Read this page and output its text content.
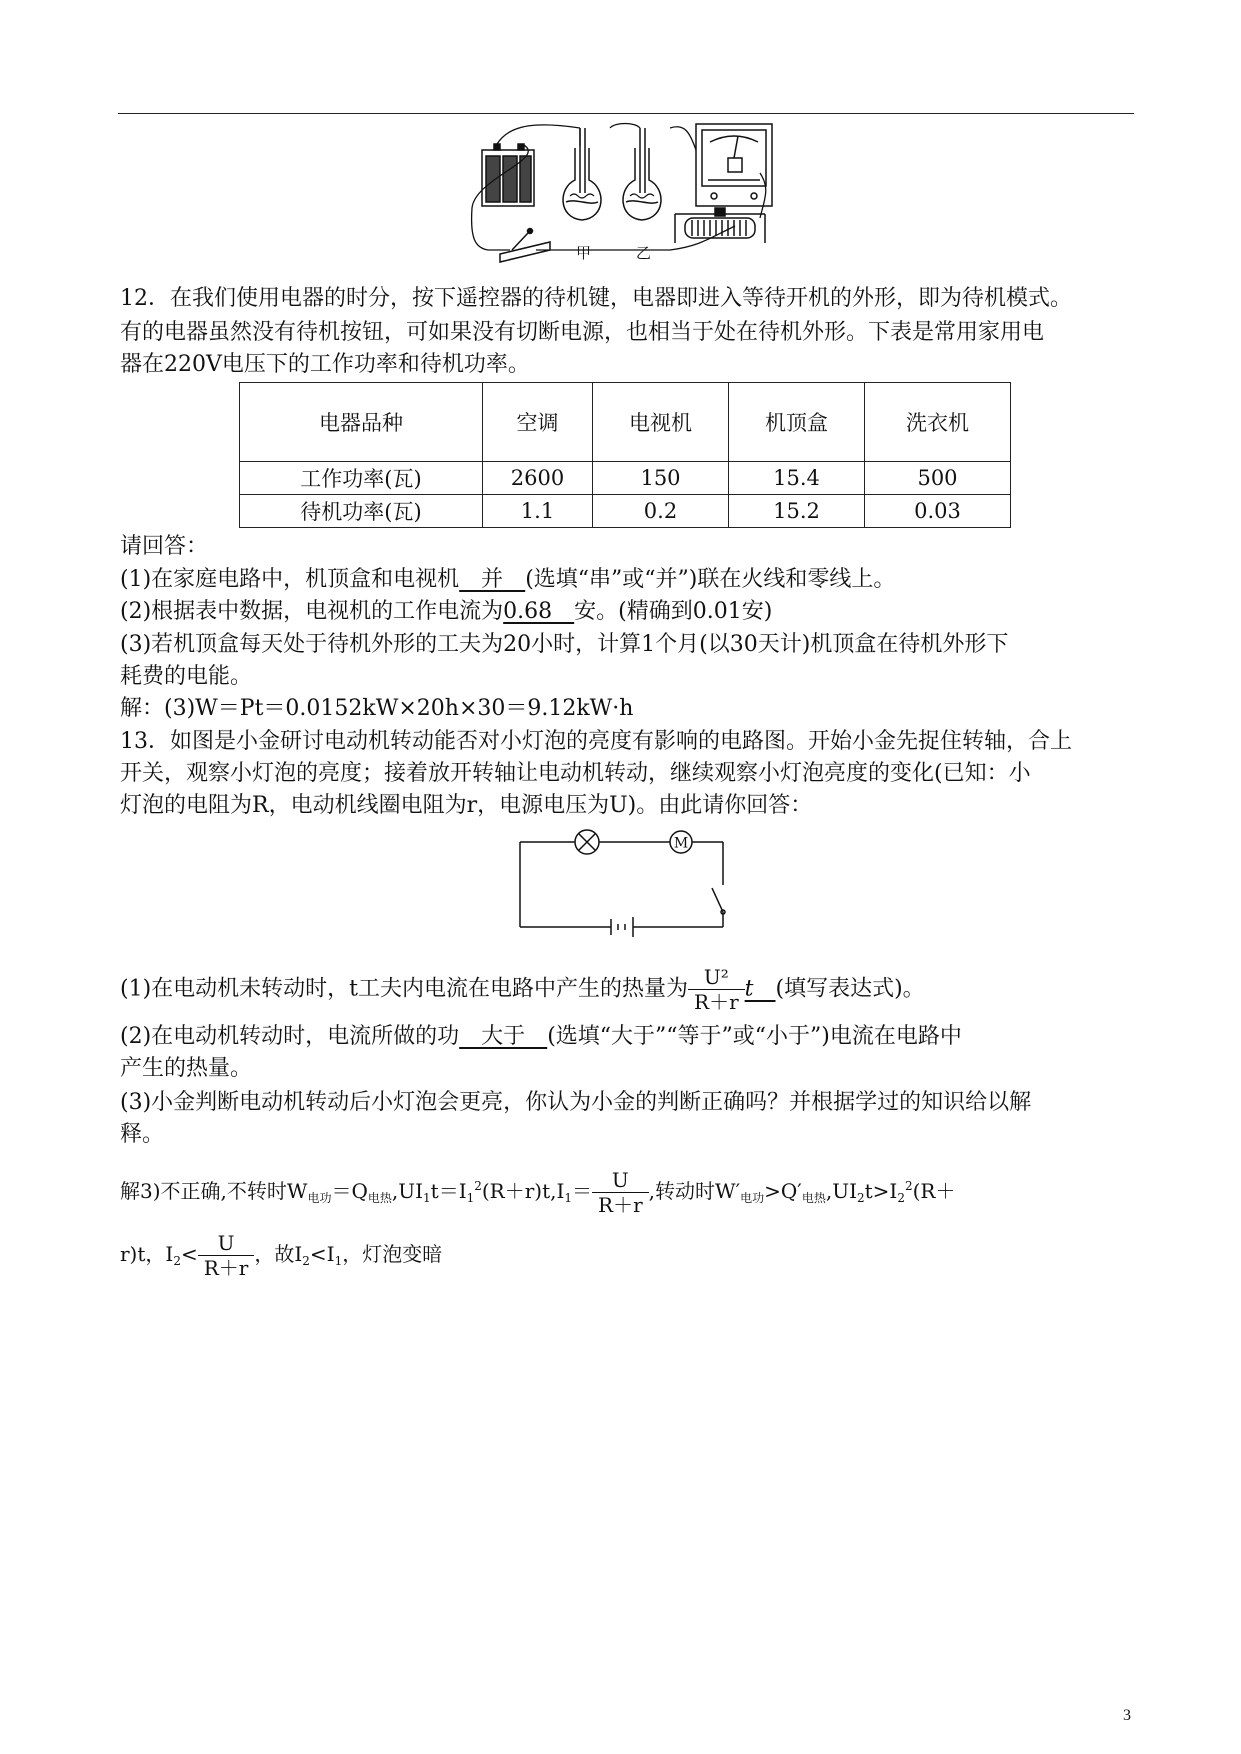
甲	乙
12．在我们使用电器的时分，按下遥控器的待机键，电器即进入等待开机的外形，即为待机模式。
有的电器虽然没有待机按钮，可如果没有切断电源，也相当于处在待机外形。下表是常用家用电
器在220V电压下的工作功率和待机功率。
电器品种	空调	电视机	机顶盒	洗衣机
工作功率(瓦)	2600	150	15.4	500
待机功率(瓦)	1.1	0.2	15.2	0.03
请回答：
(1)在家庭电路中，机顶盒和电视机　并　(选填“串”或“并”)联在火线和零线上。
(2)根据表中数据，电视机的工作电流为0.68　安。(精确到0.01安)
(3)若机顶盒每天处于待机外形的工夫为20小时，计算1个月(以30天计)机顶盒在待机外形下
耗费的电能。
解：(3)W＝Pt＝0.0152kW×20h×30＝9.12kW·h
13．如图是小金研讨电动机转动能否对小灯泡的亮度有影响的电路图。开始小金先捉住转轴，合上
开关，观察小灯泡的亮度；接着放开转轴让电动机转动，继续观察小灯泡亮度的变化(已知：小
灯泡的电阻为R，电动机线圈电阻为r，电源电压为U)。由此请你回答：
M
(1)在电动机未转动时，t工夫内电流在电路中产生的热量为 $\frac{\text{U²}}{R+r}$ t　 (填写表达式)。
(2)在电动机转动时，电流所做的功　大于　(选填“大于”“等于”或“小于”)电流在电路中
产生的热量。
(3)小金判断电动机转动后小灯泡会更亮，你认为小金的判断正确吗？并根据学过的知识给以解
释。
解3)不正确,不转时$W_{电功}=Q_{电热},UI_1t=I_1^2(R+r)t,I_1= \frac{U}{R+r}$ ,转动时$W'_{电功}>Q'_{电热},UI_2t>I_2^2(R+$
r)t，$I_2< \frac{U}{R+r}$ ，故$I_2<I_1$，灯泡变暗
3
